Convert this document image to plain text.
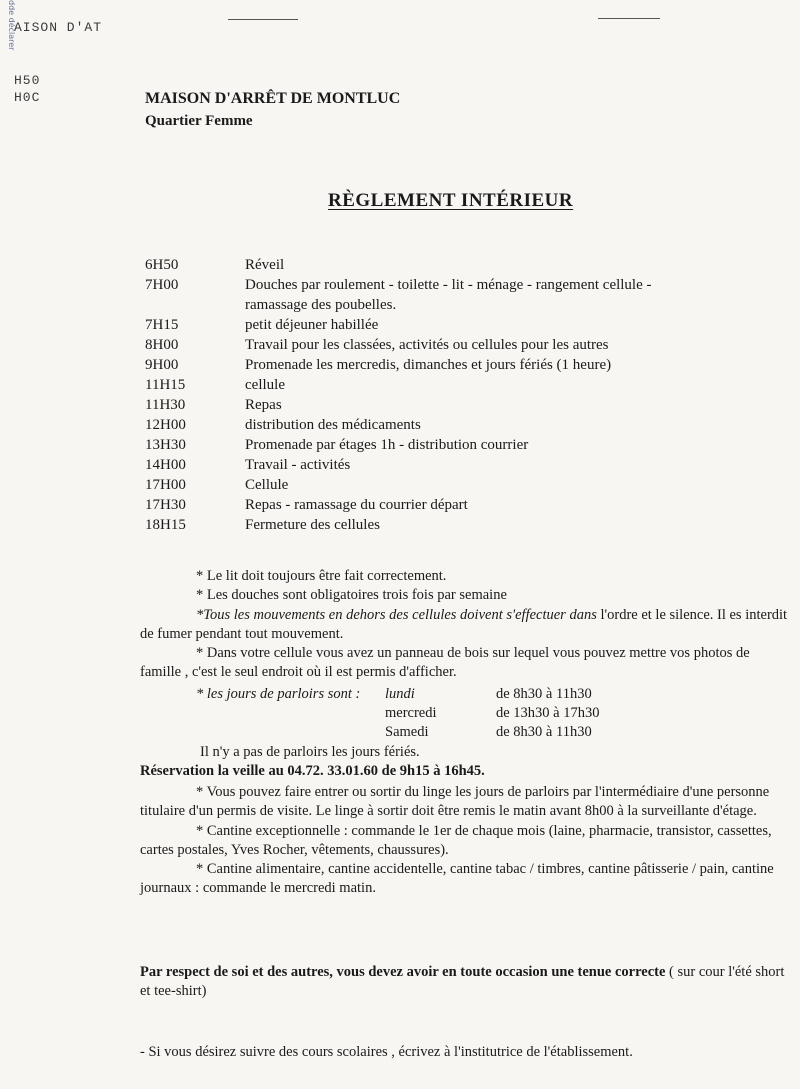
AISON D'AT
H50
H0C
dde déclarer
MAISON D'ARRÊT DE MONTLUC
Quartier Femme
RÈGLEMENT INTÉRIEUR
6H50	Réveil
7H00	Douches par roulement - toilette - lit - ménage - rangement cellule -
ramassage des poubelles.
7H15	petit déjeuner habillée
8H00	Travail pour les classées, activités ou cellules pour les autres
9H00	Promenade les mercredis, dimanches et jours fériés (1 heure)
11H15	cellule
11H30	Repas
12H00	distribution des médicaments
13H30	Promenade par étages 1h - distribution courrier
14H00	Travail - activités
17H00	Cellule
17H30	Repas - ramassage du courrier départ
18H15	Fermeture des cellules

* Le lit doit toujours être fait correctement.

* Les douches sont obligatoires trois fois par semaine

*Tous les mouvements en dehors des cellules doivent s'effectuer dans l'ordre et le silence. Il es interdit de fumer pendant tout mouvement.

* Dans votre cellule vous avez un panneau de bois sur lequel vous pouvez mettre vos photos de famille , c'est le seul endroit où il est permis d'afficher.

* les jours de parloirs sont : lundi	de 8h30 à 11h30
mercredi	de 13h30 à 17h30
Samedi	de 8h30 à 11h30
Il n'y a pas de parloirs les jours fériés.
Réservation la veille au 04.72. 33.01.60 de 9h15 à 16h45.

* Vous pouvez faire entrer ou sortir du linge les jours de parloirs par l'intermédiaire d'une personne titulaire d'un permis de visite. Le linge à sortir doit être remis le matin avant 8h00 à la surveillante d'étage.

* Cantine exceptionnelle : commande le 1er de chaque mois (laine, pharmacie, transistor, cassettes, cartes postales, Yves Rocher, vêtements, chaussures).

* Cantine alimentaire, cantine accidentelle, cantine tabac / timbres, cantine pâtisserie / pain, cantine journaux : commande le mercredi matin.

Par respect de soi et des autres, vous devez avoir en toute occasion une tenue correcte ( sur cour l'été short et tee-shirt)
- Si vous désirez suivre des cours scolaires , écrivez à l'institutrice de l'établissement.
